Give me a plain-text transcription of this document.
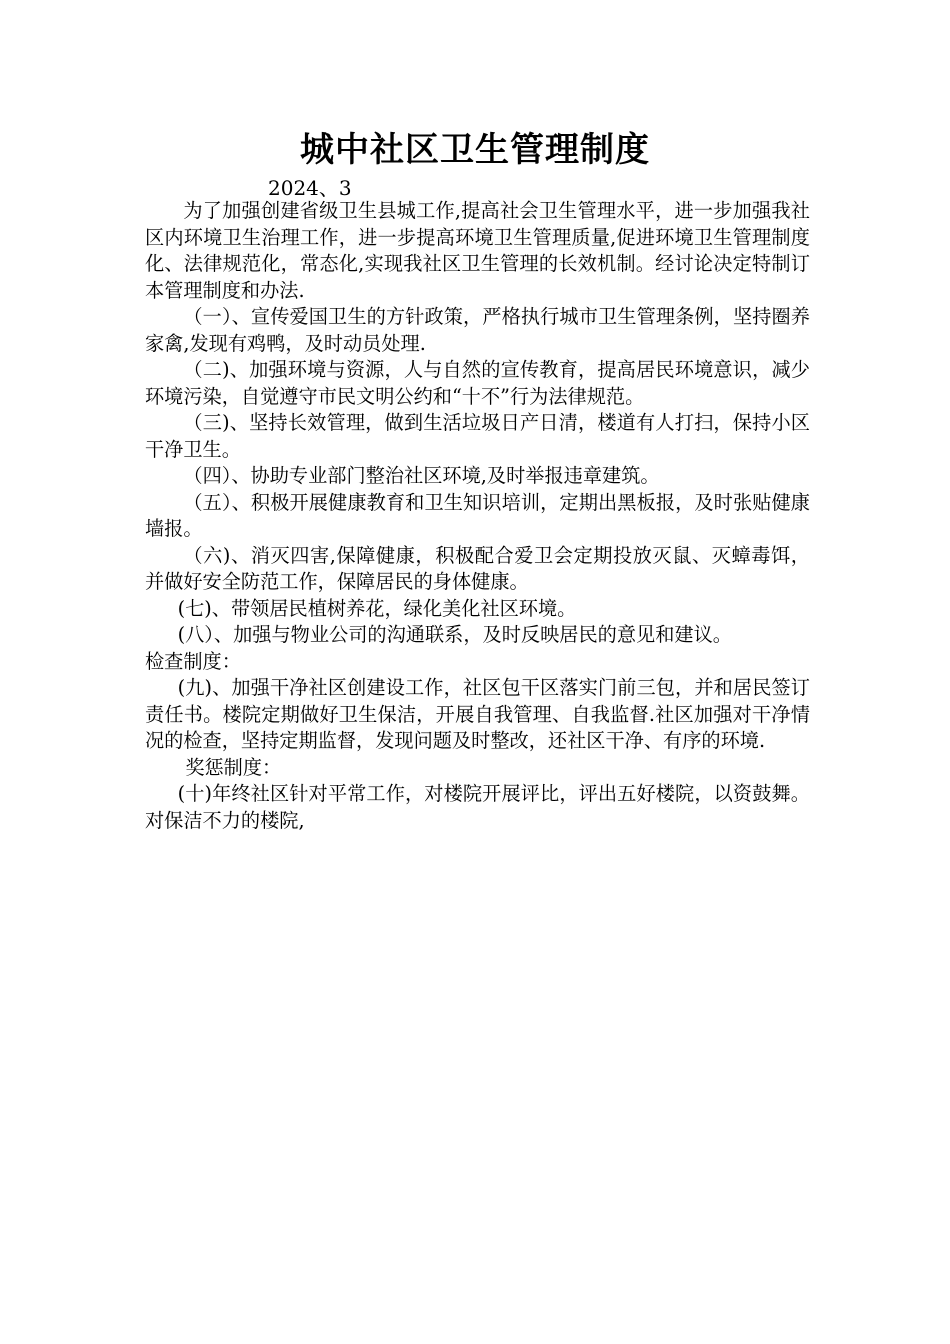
城中社区卫生管理制度
2024、3

为了加强创建省级卫生县城工作,提高社会卫生管理水平，进一步加强我社区内环境卫生治理工作，进一步提高环境卫生管理质量,促进环境卫生管理制度化、法律规范化，常态化,实现我社区卫生管理的长效机制。经讨论决定特制订本管理制度和办法.

（一）、宣传爱国卫生的方针政策，严格执行城市卫生管理条例，坚持圈养家禽,发现有鸡鸭，及时动员处理.

（二)、加强环境与资源，人与自然的宣传教育，提高居民环境意识，减少环境污染，自觉遵守市民文明公约和“十不”行为法律规范。

（三)、坚持长效管理，做到生活垃圾日产日清，楼道有人打扫，保持小区干净卫生。

（四）、协助专业部门整治社区环境,及时举报违章建筑。

（五）、积极开展健康教育和卫生知识培训，定期出黑板报，及时张贴健康墙报。

（六)、消灭四害,保障健康，积极配合爱卫会定期投放灭鼠、灭蟑毒饵，并做好安全防范工作，保障居民的身体健康。

(七)、带领居民植树养花，绿化美化社区环境。

(八）、加强与物业公司的沟通联系，及时反映居民的意见和建议。

检查制度：

(九)、加强干净社区创建设工作，社区包干区落实门前三包，并和居民签订责任书。楼院定期做好卫生保洁，开展自我管理、自我监督.社区加强对干净情况的检查，坚持定期监督，发现问题及时整改，还社区干净、有序的环境.

奖惩制度：

(十)年终社区针对平常工作，对楼院开展评比，评出五好楼院，以资鼓舞。对保洁不力的楼院,
